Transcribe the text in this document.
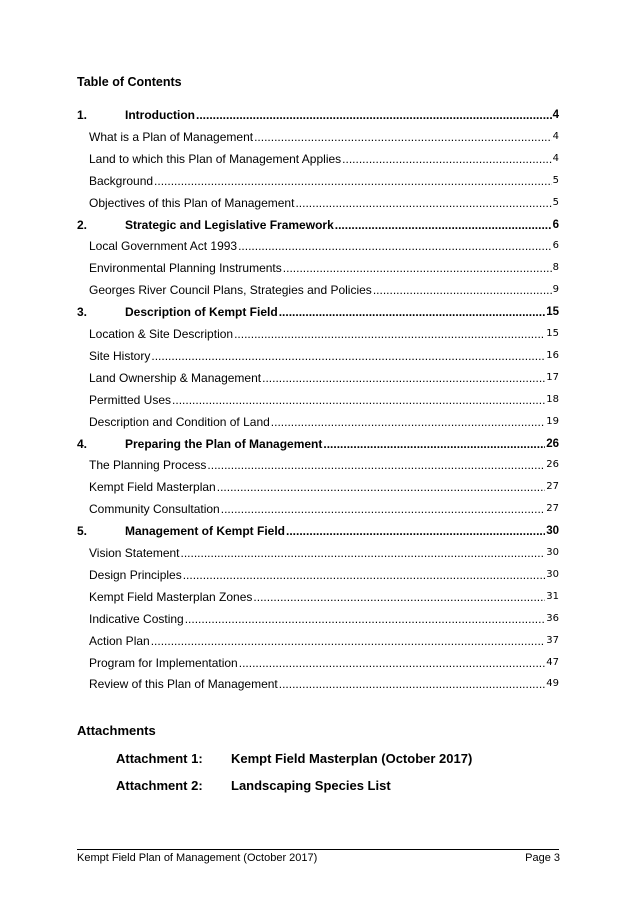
Table of Contents
1.	Introduction .....	4
What is a Plan of Management .....	4
Land to which this Plan of Management Applies .....	4
Background .....	5
Objectives of this Plan of Management .....	5
2.	Strategic and Legislative Framework .....	6
Local Government Act 1993 .....	6
Environmental Planning Instruments .....	8
Georges River Council Plans, Strategies and Policies .....	9
3.	Description of Kempt Field .....	15
Location & Site Description .....	15
Site History .....	16
Land Ownership & Management .....	17
Permitted Uses .....	18
Description and Condition of Land .....	19
4.	Preparing the Plan of Management .....	26
The Planning Process .....	26
Kempt Field Masterplan .....	27
Community Consultation .....	27
5.	Management of Kempt Field .....	30
Vision Statement .....	30
Design Principles .....	30
Kempt Field Masterplan Zones .....	31
Indicative Costing .....	36
Action Plan .....	37
Program for Implementation .....	47
Review of this Plan of Management .....	49
Attachments
Attachment 1:	Kempt Field Masterplan (October 2017)
Attachment 2:	Landscaping Species List
Kempt Field Plan of Management (October 2017)	Page 3
